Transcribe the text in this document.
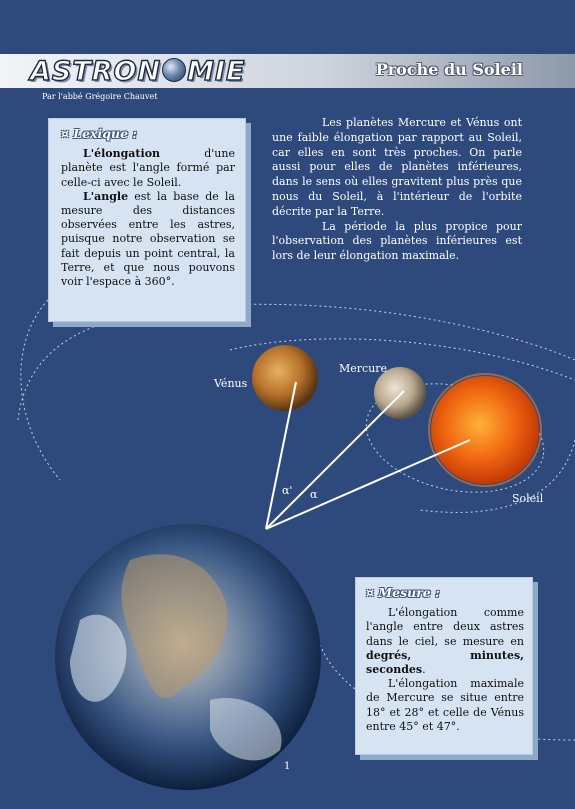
Vénus
Mercure
Soleil
α' α
ASTRON MIE	Proche du Soleil
Par l'abbé Grégoire Chauvet
¤ Lexique :

L'élongation d'une planète est l'angle formé par celle-ci avec le Soleil.

L'angle est la base de la mesure des distances observées entre les astres, puisque notre observation se fait depuis un point central, la Terre, et que nous pouvons voir l'espace à 360°.

Les planètes Mercure et Vénus ont une faible élongation par rapport au Soleil, car elles en sont très proches. On parle aussi pour elles de planètes inférieures, dans le sens où elles gravitent plus près que nous du Soleil, à l'intérieur de l'orbite décrite par la Terre.

La période la plus propice pour l'observation des planètes inférieures est lors de leur élongation maximale.

¤ Mesure :

L'élongation comme l'angle entre deux astres dans le ciel, se mesure en degrés, minutes, secondes.

L'élongation maximale de Mercure se situe entre 18° et 28° et celle de Vénus entre 45° et 47°.

1
